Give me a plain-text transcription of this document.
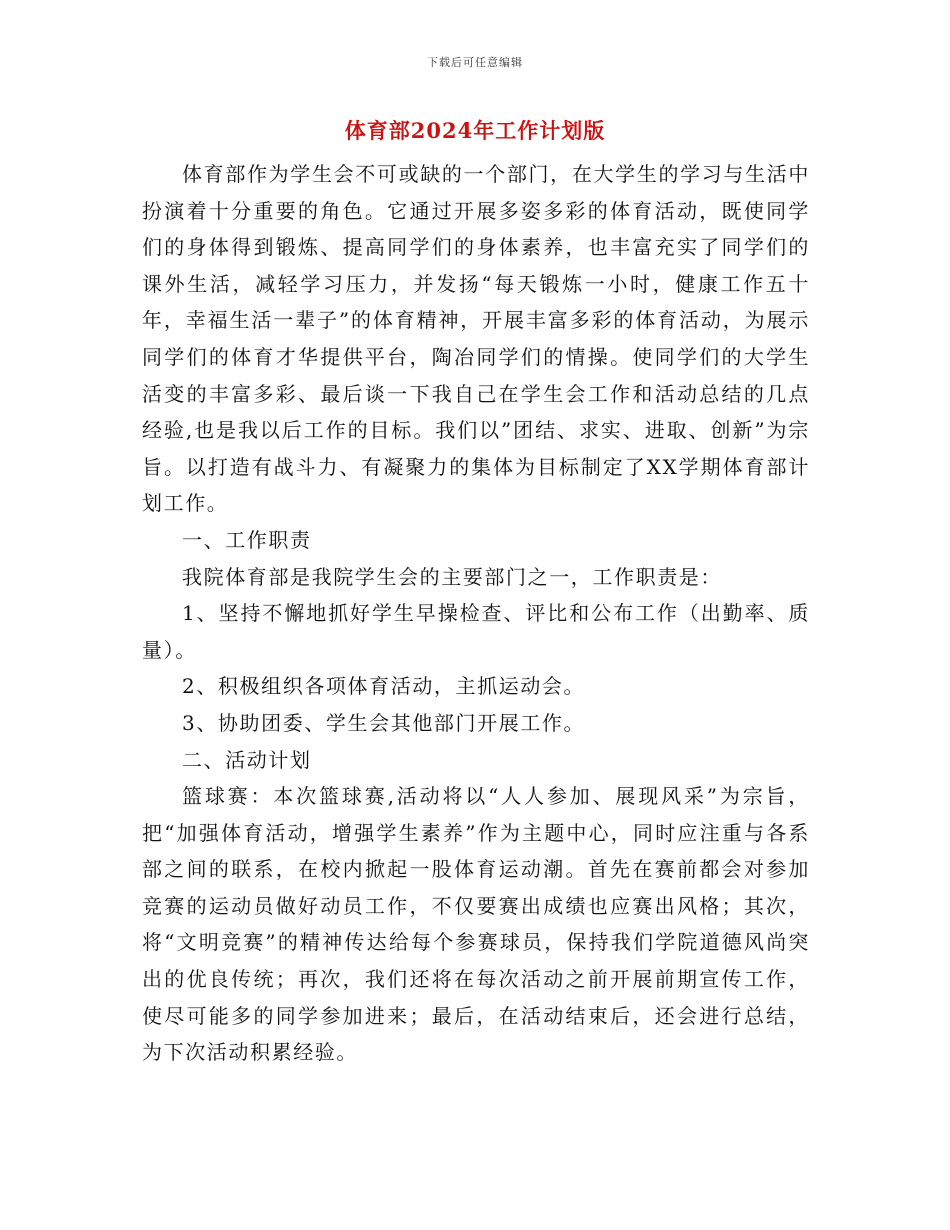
下载后可任意编辑
体育部2024年工作计划版

体育部作为学生会不可或缺的一个部门，在大学生的学习与生活中扮演着十分重要的角色。它通过开展多姿多彩的体育活动，既使同学们的身体得到锻炼、提高同学们的身体素养，也丰富充实了同学们的课外生活，减轻学习压力，并发扬“每天锻炼一小时，健康工作五十年，幸福生活一辈子”的体育精神，开展丰富多彩的体育活动，为展示同学们的体育才华提供平台，陶冶同学们的情操。使同学们的大学生活变的丰富多彩、最后谈一下我自己在学生会工作和活动总结的几点经验,也是我以后工作的目标。我们以”团结、求实、进取、创新”为宗旨。以打造有战斗力、有凝聚力的集体为目标制定了XX学期体育部计划工作。

一、工作职责

我院体育部是我院学生会的主要部门之一，工作职责是：

1、坚持不懈地抓好学生早操检查、评比和公布工作（出勤率、质量）。

2、积极组织各项体育活动，主抓运动会。

3、协助团委、学生会其他部门开展工作。

二、活动计划

篮球赛：本次篮球赛,活动将以“人人参加、展现风采”为宗旨，把“加强体育活动，增强学生素养”作为主题中心，同时应注重与各系部之间的联系，在校内掀起一股体育运动潮。首先在赛前都会对参加竞赛的运动员做好动员工作，不仅要赛出成绩也应赛出风格；其次，将“文明竞赛”的精神传达给每个参赛球员，保持我们学院道德风尚突出的优良传统；再次，我们还将在每次活动之前开展前期宣传工作，使尽可能多的同学参加进来；最后，在活动结束后，还会进行总结，为下次活动积累经验。
